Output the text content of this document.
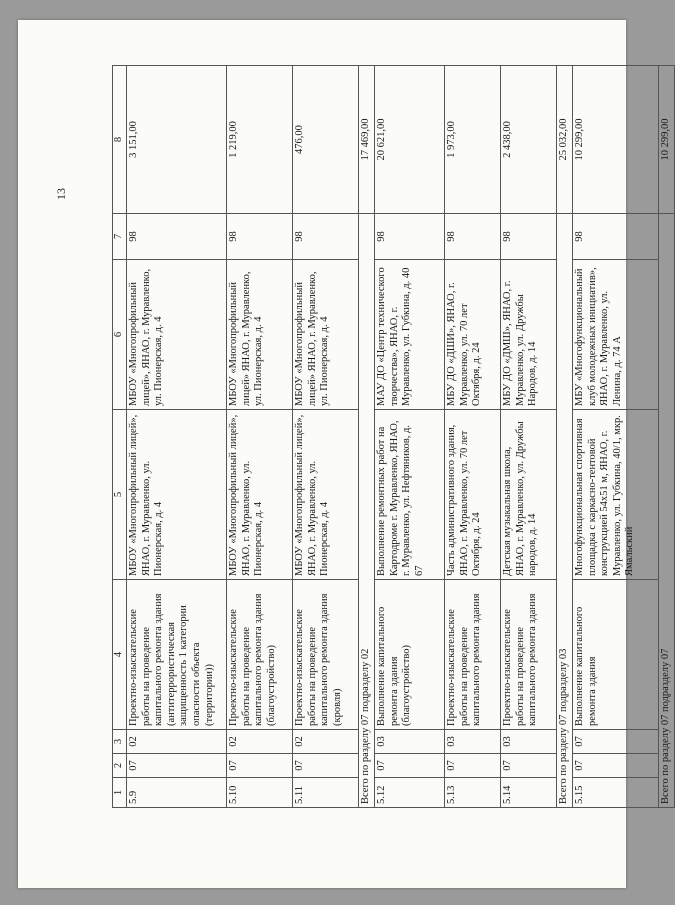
13
1	2	3	4	5	6	7	8
5.9	07	02	Проектно-изыскательские работы на проведение капитального ремонта здания (антитеррористическая защищенность 1 категории опасности объекта (территории))	МБОУ «Многопрофильный лицей», ЯНАО, г. Муравленко, ул. Пионерская, д. 4	МБОУ «Многопрофильный лицей», ЯНАО, г. Муравленко, ул. Пионерская, д. 4	98	3 151,00
5.10	07	02	Проектно-изыскательские работы на проведение капитального ремонта здания (благоустройство)	МБОУ «Многопрофильный лицей», ЯНАО, г. Муравленко, ул. Пионерская, д. 4	МБОУ «Многопрофильный лицей» ЯНАО, г. Муравленко, ул. Пионерская, д. 4	98	1 219,00
5.11	07	02	Проектно-изыскательские работы на проведение капитального ремонта здания (кровля)	МБОУ «Многопрофильный лицей», ЯНАО, г. Муравленко, ул. Пионерская, д. 4	МБОУ «Многопрофильный лицей» ЯНАО, г. Муравленко, ул. Пионерская, д. 4	98	476,00
Всего по разделу 07 подразделу 02							17 469,00
5.12	07	03	Выполнение капитального ремонта здания (благоустройство)	Выполнение ремонтных работ на Картодроме г. Муравленко, ЯНАО, г. Муравленко, ул. Нефтяников, д. 67	МАУ ДО «Центр технического творчества», ЯНАО, г. Муравленко, ул. Губкина, д. 40	98	20 621,00
5.13	07	03	Проектно-изыскательские работы на проведение капитального ремонта здания	Часть административного здания, ЯНАО, г. Муравленко, ул. 70 лет Октября, д. 24	МБУ ДО «ДШИ», ЯНАО, г. Муравленко, ул. 70 лет Октября, д. 24	98	1 973,00
5.14	07	03	Проектно-изыскательские работы на проведение капитального ремонта здания	Детская музыкальная школа, ЯНАО, г. Муравленко, ул. Дружбы народов, д. 14	МБУ ДО «ДМШ», ЯНАО, г. Муравленко, ул. Дружбы Народов, д. 14	98	2 438,00
Всего по разделу 07 подразделу 03							25 032,00
5.15	07	07	Выполнение капитального ремонта здания	Многофункциональная спортивная площадка с каркасно-тентовой конструкцией 54х51 м, ЯНАО, г. Муравленко, ул. Губкина, 40/1, мкр. Ямальский	МБУ «Многофункциональный клуб молодежных инициатив», ЯНАО, г. Муравленко, ул. Ленина, д. 74 А	98	10 299,00
Всего по разделу 07 подразделу 07							10 299,00
